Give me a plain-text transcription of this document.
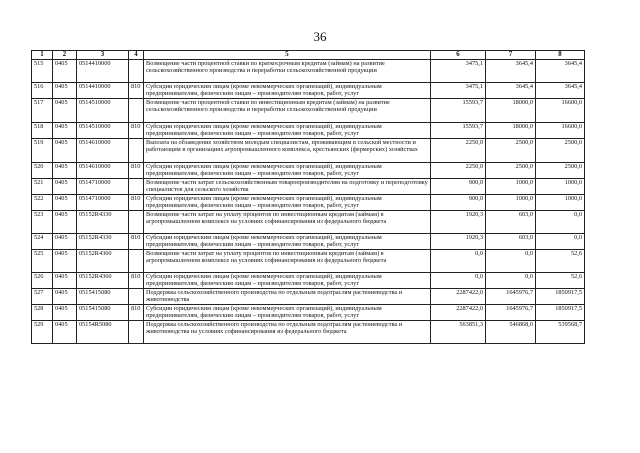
36
1	2	3	4	5	6	7	8
515	0405	0514410000		Возмещение части процентной ставки по краткосрочным кредитам (займам) на развитие сельскохозяйственного производства и переработки сельскохозяйственной продукции	3475,1	3645,4	3645,4
516	0405	0514410000	810	Субсидии юридическим лицам (кроме некоммерческих организаций), индивидуальным предпринимателям, физическим лицам – производителям товаров, работ, услуг	3475,1	3645,4	3645,4
517	0405	0514510000		Возмещение части процентной ставки по инвестиционным кредитам (займам) на развитие сельскохозяйственного производства и переработки сельскохозяйственной продукции	15593,7	18000,0	16600,0
518	0405	0514510000	810	Субсидии юридическим лицам (кроме некоммерческих организаций), индивидуальным предпринимателям, физическим лицам – производителям товаров, работ, услуг	15593,7	18000,0	16600,0
519	0405	0514610000		Выплата на обзаведение хозяйством молодым специалистам, проживающим в сельской местности и работающим в организациях агропромышленного комплекса, крестьянских (фермерских) хозяйствах	2250,0	2500,0	2500,0
520	0405	0514610000	810	Субсидии юридическим лицам (кроме некоммерческих организаций), индивидуальным предпринимателям, физическим лицам – производителям товаров, работ, услуг	2250,0	2500,0	2500,0
521	0405	0514710000		Возмещение части затрат сельскохозяйственным товаропроизводителям на подготовку и переподготовку специалистов для сельского хозяйства	900,0	1000,0	1000,0
522	0405	0514710000	810	Субсидии юридическим лицам (кроме некоммерческих организаций), индивидуальным предпринимателям, физическим лицам – производителям товаров, работ, услуг	900,0	1000,0	1000,0
523	0405	05152R4330		Возмещение части затрат на уплату процентов по инвестиционным кредитам (займам) в агропромышленном комплексе на условиях софинансирования из федерального бюджета	1920,3	603,0	0,0
524	0405	05152R4330	810	Субсидии юридическим лицам (кроме некоммерческих организаций), индивидуальным предпринимателям, физическим лицам – производителям товаров, работ, услуг	1920,3	603,0	0,0
525	0405	05152R4360		Возмещение части затрат на уплату процентов по инвестиционным кредитам (займам) в агропромышленном комплексе на условиях софинансирования из федерального бюджета	0,0	0,0	52,6
526	0405	05152R4360	810	Субсидии юридическим лицам (кроме некоммерческих организаций), индивидуальным предпринимателям, физическим лицам – производителям товаров, работ, услуг	0,0	0,0	52,6
527	0405	0515415080		Поддержка сельскохозяйственного производства по отдельным подотраслям растениеводства и животноводства	2287422,0	1645976,7	1850917,5
528	0405	0515415080	810	Субсидии юридическим лицам (кроме некоммерческих организаций), индивидуальным предпринимателям, физическим лицам – производителям товаров, работ, услуг	2287422,0	1645976,7	1850917,5
529	0405	05154R5080		Поддержка сельскохозяйственного производства по отдельным подотраслям растениеводства и животноводства на условиях софинансирования из федерального бюджета	563851,3	546868,0	539568,7
